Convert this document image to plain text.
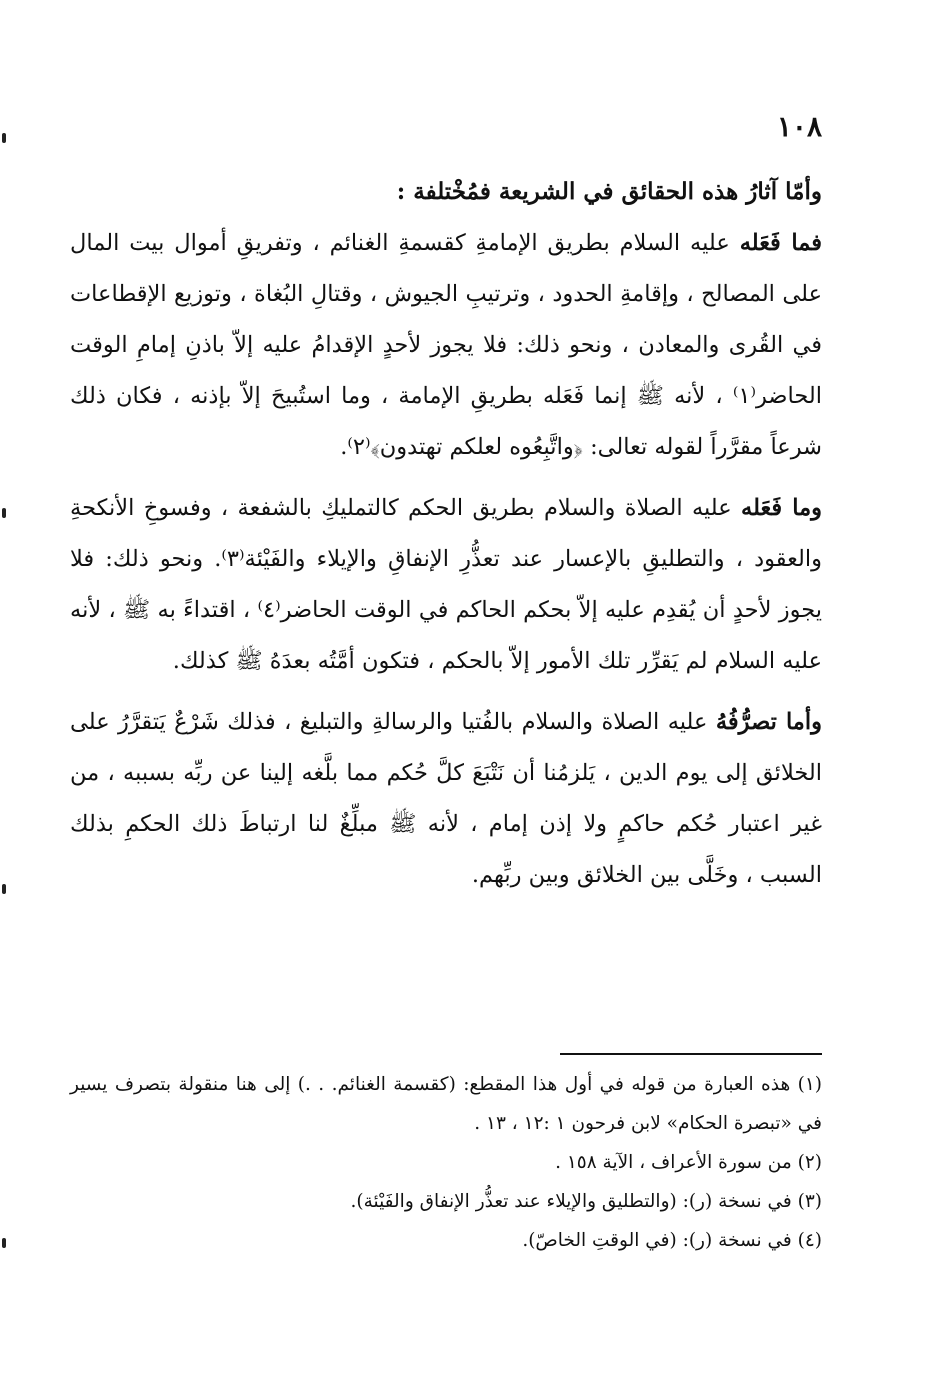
١٠٨

وأمّا آثارُ هذه الحقائق في الشريعة فمُخْتلفة :

فما فَعَله عليه السلام بطريق الإمامةِ كقسمةِ الغنائم ، وتفريقِ أموال بيت المال على المصالح ، وإقامةِ الحدود ، وترتيبِ الجيوش ، وقتالِ البُغاة ، وتوزيع الإقطاعات في القُرى والمعادن ، ونحو ذلك: فلا يجوز لأحدٍ الإقدامُ عليه إلاّ باذنِ إمامِ الوقت الحاضر⁽١⁾ ، لأنه ﷺ إنما فَعَله بطريقِ الإمامة ، وما استُبيحَ إلاّ بإذنه ، فكان ذلك شرعاً مقرَّراً لقوله تعالى: ﴿واتَّبِعُوه لعلكم تهتدون﴾⁽٢⁾.

وما فَعَله عليه الصلاة والسلام بطريق الحكم كالتمليكِ بالشفعة ، وفسوخِ الأنكحةِ والعقود ، والتطليقِ بالإعسار عند تعذُّرِ الإنفاقِ والإيلاء والفَيْئة⁽٣⁾. ونحو ذلك: فلا يجوز لأحدٍ أن يُقدِم عليه إلاّ بحكم الحاكم في الوقت الحاضر⁽٤⁾ ، اقتداءً به ﷺ ، لأنه عليه السلام لم يَقرِّر تلك الأمور إلاّ بالحكم ، فتكون أمَّتُه بعدَهُ ﷺ كذلك.

وأما تصرُّفُهُ عليه الصلاة والسلام بالفُتيا والرسالةِ والتبليغ ، فذلك شَرْعٌ يَتقرَّرُ على الخلائق إلى يوم الدين ، يَلزمُنا أن نَتْبَعَ كلَّ حُكم مما بلَّغه إلينا عن ربِّه بسببه ، من غير اعتبار حُكم حاكمٍ ولا إذن إمام ، لأنه ﷺ مبلِّغٌ لنا ارتباطَ ذلك الحكمِ بذلك السبب ، وخَلَّى بين الخلائق وبين ربِّهم.

(١) هذه العبارة من قوله في أول هذا المقطع: (كقسمة الغنائم. . .) إلى هنا منقولة بتصرف يسير في «تبصرة الحكام» لابن فرحون ١ :١٢ ، ١٣ .

(٢) من سورة الأعراف ، الآية ١٥٨ .

(٣) في نسخة (ر): (والتطليق والإيلاء عند تعذُّر الإنفاق والفَيْئة).

(٤) في نسخة (ر): (في الوقتِ الخاصّ).
